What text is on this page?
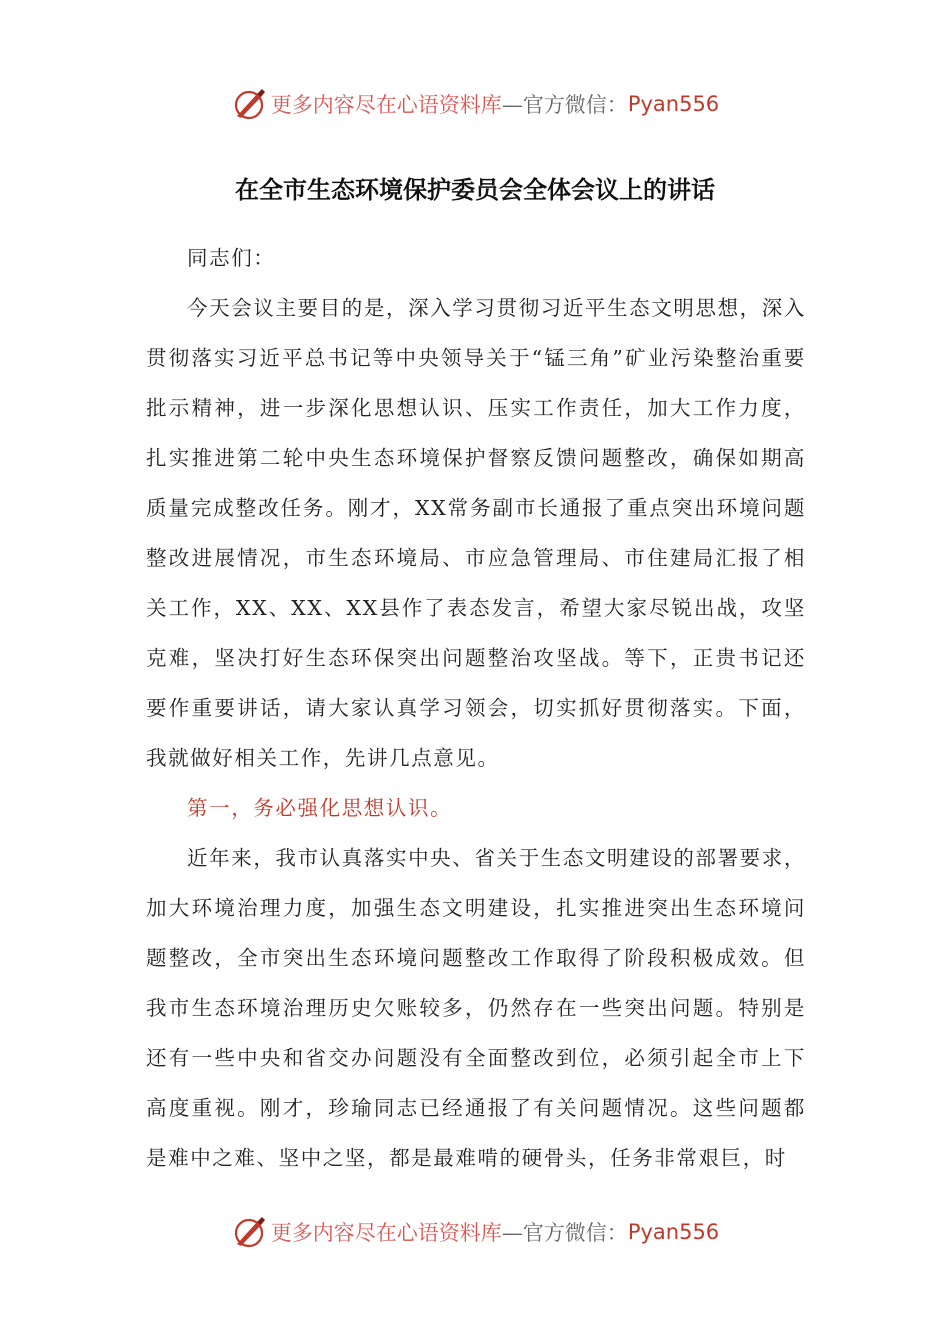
更多内容尽在心语资料库 —官方微信： Pyan556
在全市生态环境保护委员会全体会议上的讲话

同志们：

今天会议主要目的是，深入学习贯彻习近平生态文明思想，深入贯彻落实习近平总书记等中央领导关于“锰三角”矿业污染整治重要批示精神，进一步深化思想认识、压实工作责任，加大工作力度，扎实推进第二轮中央生态环境保护督察反馈问题整改，确保如期高质量完成整改任务。刚才，XX常务副市长通报了重点突出环境问题整改进展情况，市生态环境局、市应急管理局、市住建局汇报了相关工作，XX、XX、XX县作了表态发言，希望大家尽锐出战，攻坚克难，坚决打好生态环保突出问题整治攻坚战。等下，正贵书记还要作重要讲话，请大家认真学习领会，切实抓好贯彻落实。下面，我就做好相关工作，先讲几点意见。

第一，务必强化思想认识。

近年来，我市认真落实中央、省关于生态文明建设的部署要求，加大环境治理力度，加强生态文明建设，扎实推进突出生态环境问题整改，全市突出生态环境问题整改工作取得了阶段积极成效。但我市生态环境治理历史欠账较多，仍然存在一些突出问题。特别是还有一些中央和省交办问题没有全面整改到位，必须引起全市上下高度重视。刚才，珍瑜同志已经通报了有关问题情况。这些问题都是难中之难、坚中之坚，都是最难啃的硬骨头，任务非常艰巨，时

更多内容尽在心语资料库 —官方微信： Pyan556
